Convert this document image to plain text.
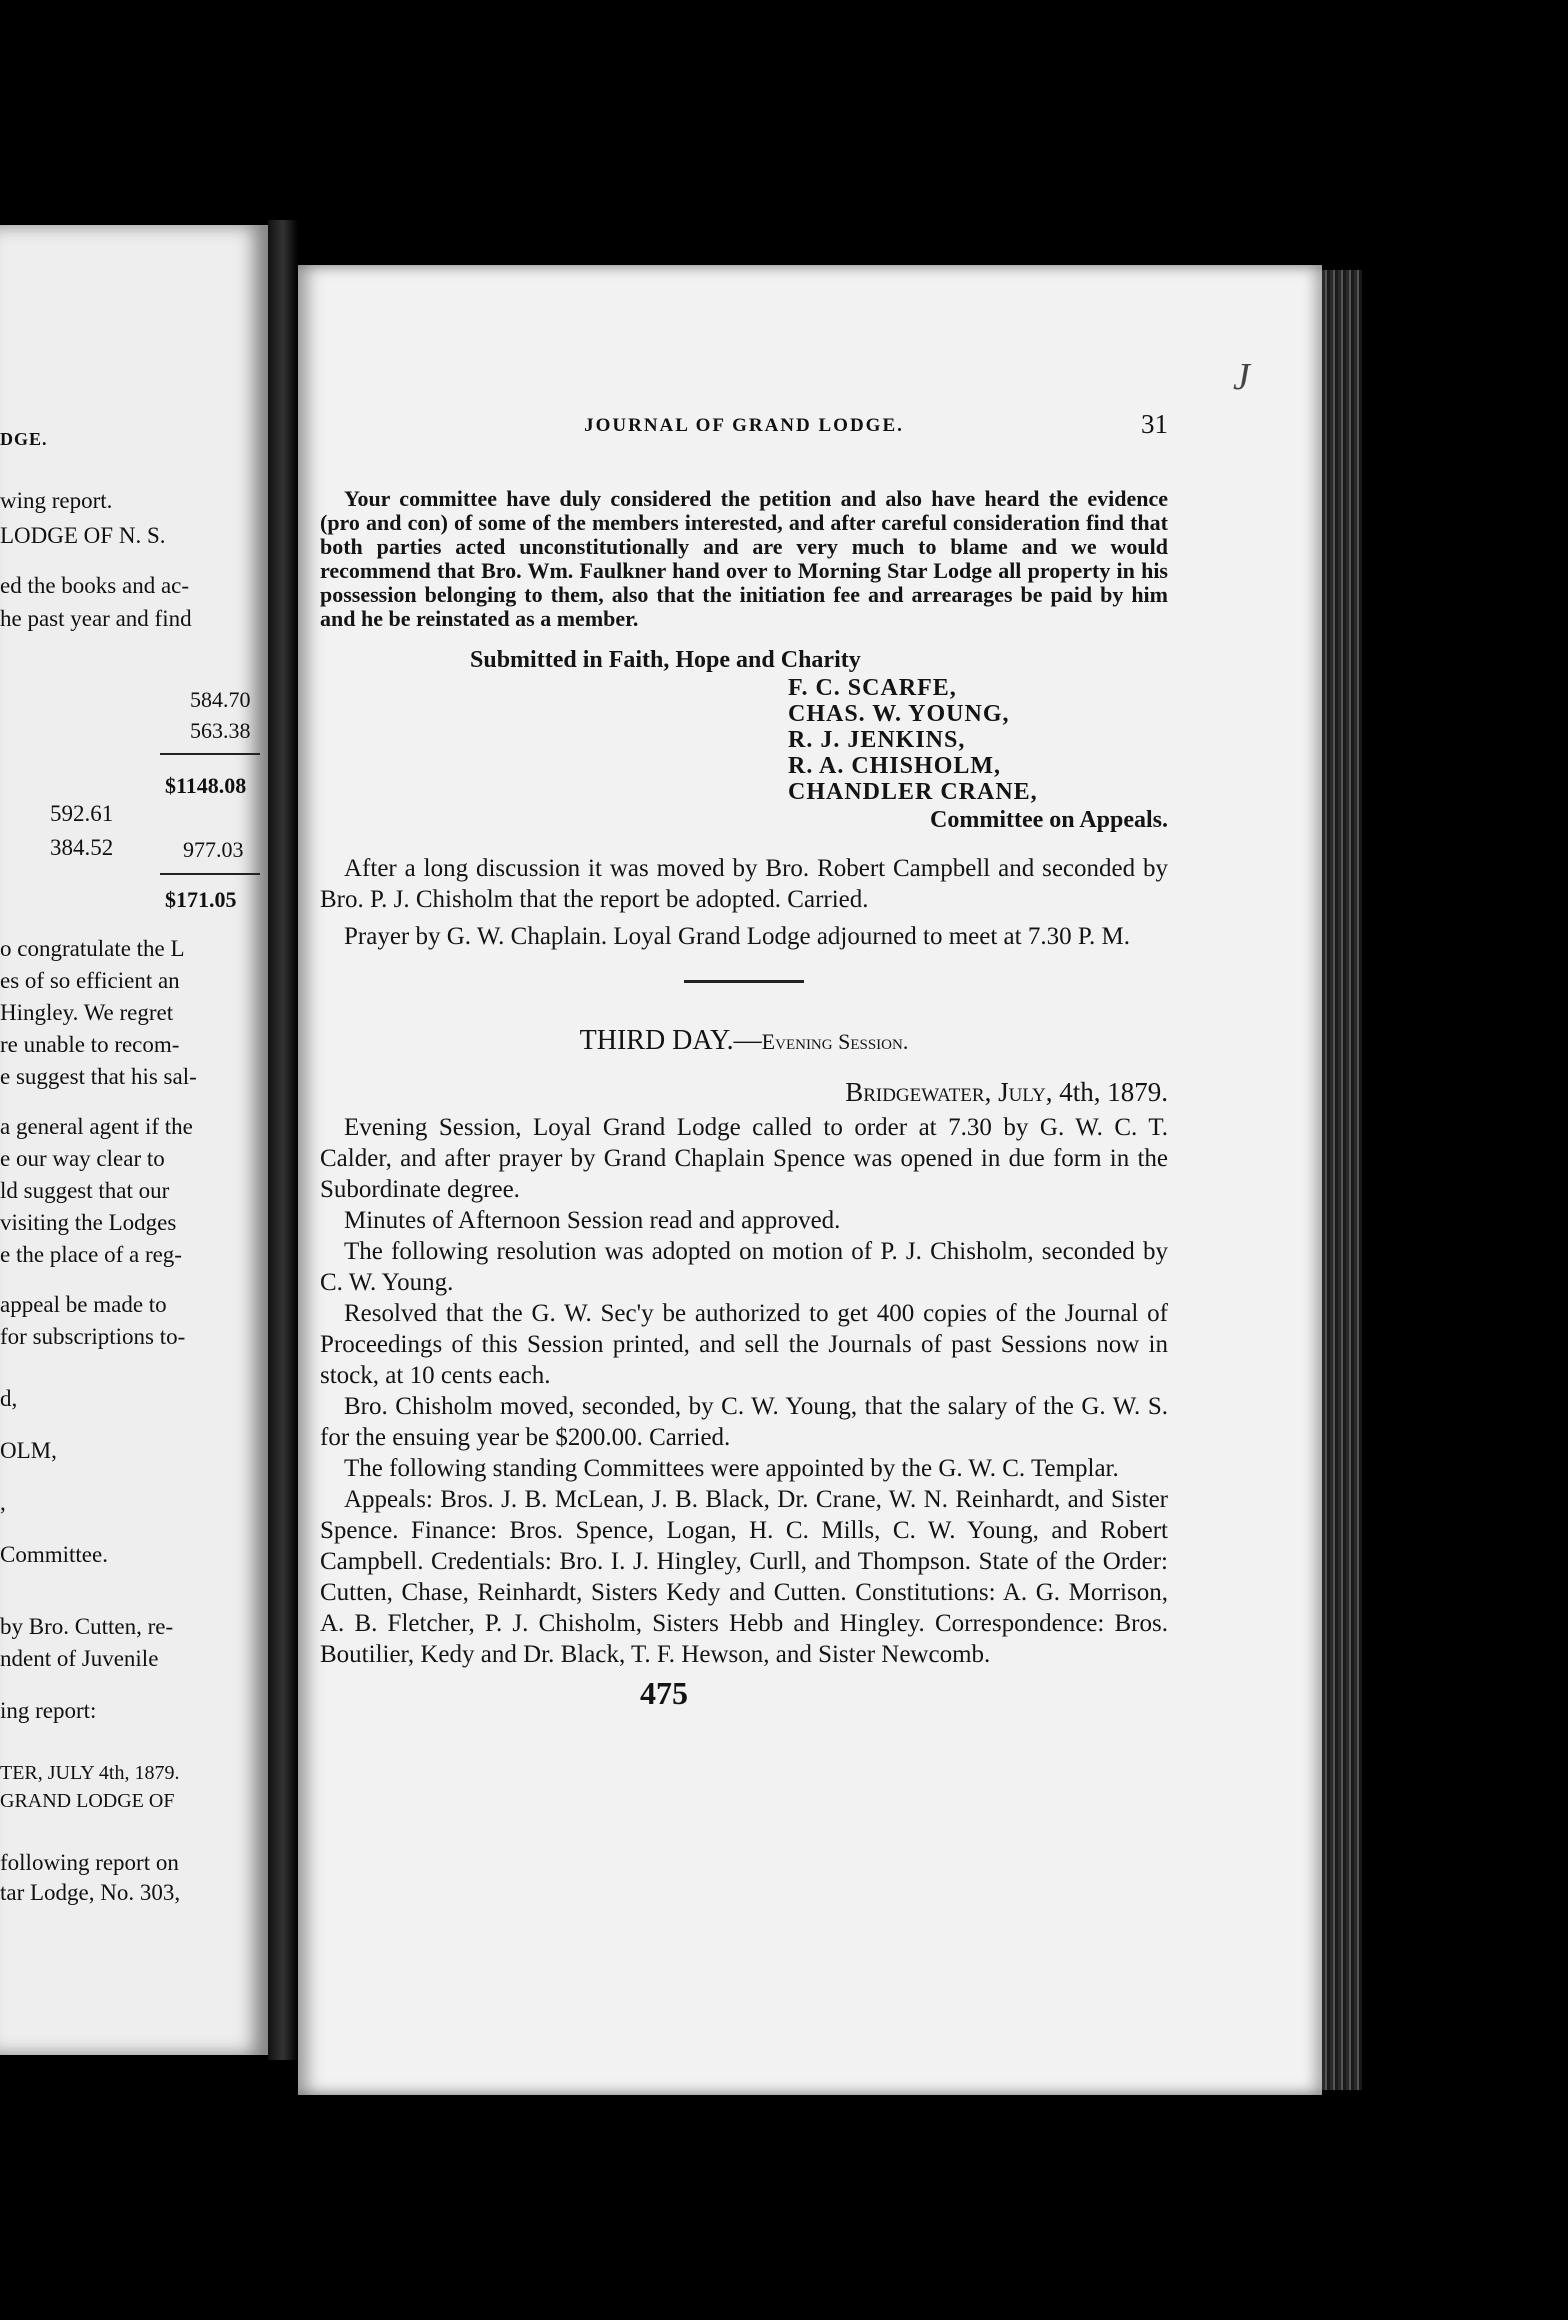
DGE.
wing report.
LODGE OF N. S.
ed the books and ac-
he past year and find
584.70
563.38
$1148.08
592.61
384.52	977.03
$171.05
o congratulate the L
es of so efficient an
Hingley. We regret
re unable to recom-
e suggest that his sal-
a general agent if the
e our way clear to
ld suggest that our
visiting the Lodges
e the place of a reg-
appeal be made to
for subscriptions to-
d,
OLM,
,
Committee.
by Bro. Cutten, re-
ndent of Juvenile
ing report:
TER, JULY 4th, 1879.
GRAND LODGE OF
following report on
tar Lodge, No. 303,
J
JOURNAL OF GRAND LODGE.	31

Your committee have duly considered the petition and also have heard the evidence (pro and con) of some of the members interested, and after careful consideration find that both parties acted unconstitutionally and are very much to blame and we would recommend that Bro. Wm. Faulkner hand over to Morning Star Lodge all property in his possession belonging to them, also that the initiation fee and arrearages be paid by him and he be reinstated as a member.

Submitted in Faith, Hope and Charity
F. C. SCARFE,
CHAS. W. YOUNG,
R. J. JENKINS,
R. A. CHISHOLM,
CHANDLER CRANE,
Committee on Appeals.

After a long discussion it was moved by Bro. Robert Campbell and seconded by Bro. P. J. Chisholm that the report be adopted. Carried.

Prayer by G. W. Chaplain. Loyal Grand Lodge adjourned to meet at 7.30 P. M.

THIRD DAY.—Evening Session.
Bridgewater, July, 4th, 1879.

Evening Session, Loyal Grand Lodge called to order at 7.30 by G. W. C. T. Calder, and after prayer by Grand Chaplain Spence was opened in due form in the Subordinate degree.

Minutes of Afternoon Session read and approved.

The following resolution was adopted on motion of P. J. Chisholm, seconded by C. W. Young.

Resolved that the G. W. Sec'y be authorized to get 400 copies of the Journal of Proceedings of this Session printed, and sell the Journals of past Sessions now in stock, at 10 cents each.

Bro. Chisholm moved, seconded, by C. W. Young, that the salary of the G. W. S. for the ensuing year be $200.00. Carried.

The following standing Committees were appointed by the G. W. C. Templar.

Appeals: Bros. J. B. McLean, J. B. Black, Dr. Crane, W. N. Reinhardt, and Sister Spence. Finance: Bros. Spence, Logan, H. C. Mills, C. W. Young, and Robert Campbell. Credentials: Bro. I. J. Hingley, Curll, and Thompson. State of the Order: Cutten, Chase, Reinhardt, Sisters Kedy and Cutten. Constitutions: A. G. Morrison, A. B. Fletcher, P. J. Chisholm, Sisters Hebb and Hingley. Correspondence: Bros. Boutilier, Kedy and Dr. Black, T. F. Hewson, and Sister Newcomb.

475
